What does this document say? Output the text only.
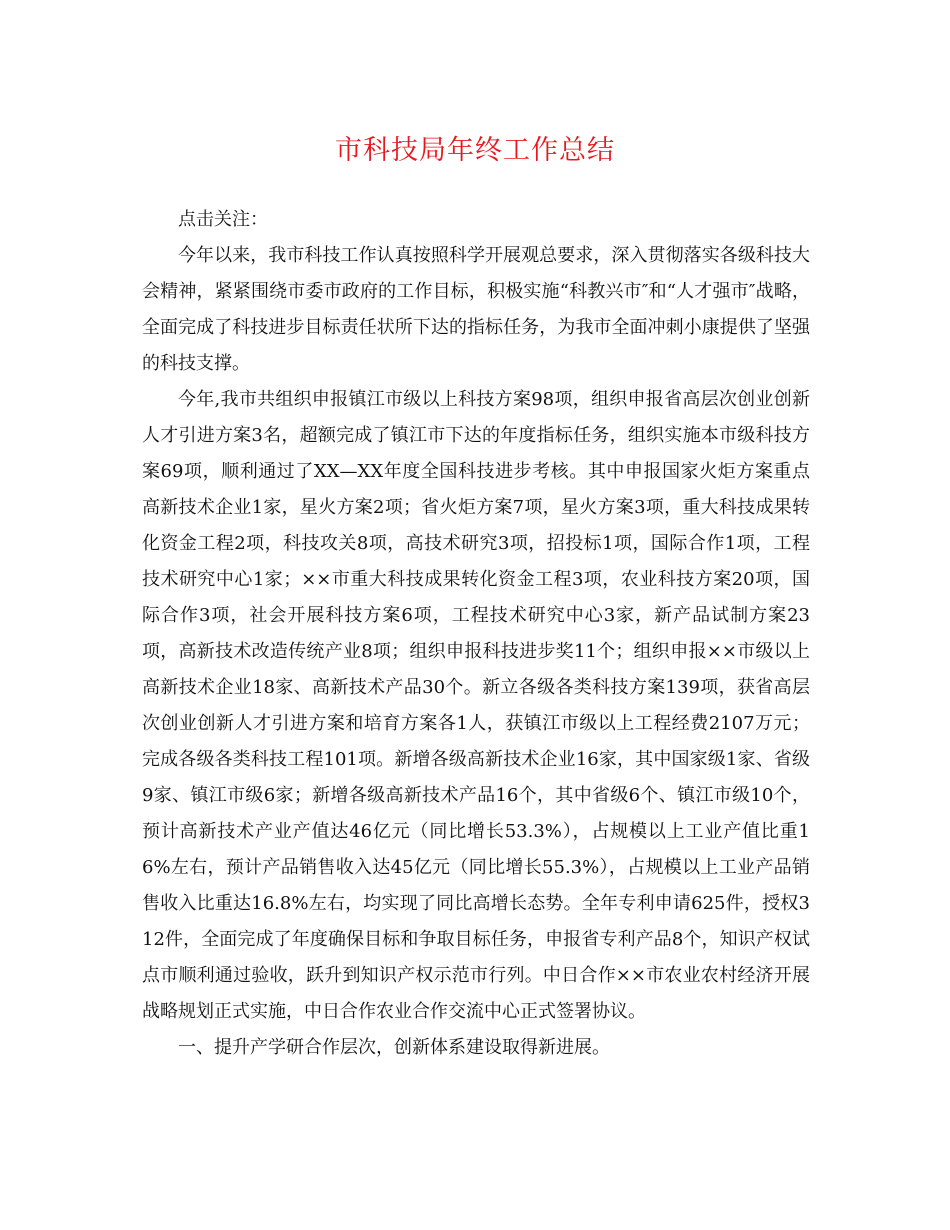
市科技局年终工作总结

点击关注：

今年以来，我市科技工作认真按照科学开展观总要求，深入贯彻落实各级科技大会精神，紧紧围绕市委市政府的工作目标，积极实施“科教兴市″和“人才强市″战略，全面完成了科技进步目标责任状所下达的指标任务，为我市全面冲刺小康提供了坚强的科技支撑。

今年,我市共组织申报镇江市级以上科技方案98项，组织申报省高层次创业创新人才引进方案3名，超额完成了镇江市下达的年度指标任务，组织实施本市级科技方案69项，顺利通过了XX—XX年度全国科技进步考核。其中申报国家火炬方案重点高新技术企业1家，星火方案2项；省火炬方案7项，星火方案3项，重大科技成果转化资金工程2项，科技攻关8项，高技术研究3项，招投标1项，国际合作1项，工程技术研究中心1家；××市重大科技成果转化资金工程3项，农业科技方案20项，国际合作3项，社会开展科技方案6项，工程技术研究中心3家，新产品试制方案23项，高新技术改造传统产业8项；组织申报科技进步奖11个；组织申报××市级以上高新技术企业18家、高新技术产品30个。新立各级各类科技方案139项，获省高层次创业创新人才引进方案和培育方案各1人，获镇江市级以上工程经费2107万元；完成各级各类科技工程101项。新增各级高新技术企业16家，其中国家级1家、省级9家、镇江市级6家；新增各级高新技术产品16个，其中省级6个、镇江市级10个，预计高新技术产业产值达46亿元（同比增长53.3%），占规模以上工业产值比重16%左右，预计产品销售收入达45亿元（同比增长55.3%），占规模以上工业产品销售收入比重达16.8%左右，均实现了同比高增长态势。全年专利申请625件，授权312件，全面完成了年度确保目标和争取目标任务，申报省专利产品8个，知识产权试点市顺利通过验收，跃升到知识产权示范市行列。中日合作××市农业农村经济开展战略规划正式实施，中日合作农业合作交流中心正式签署协议。

一、提升产学研合作层次，创新体系建设取得新进展。
